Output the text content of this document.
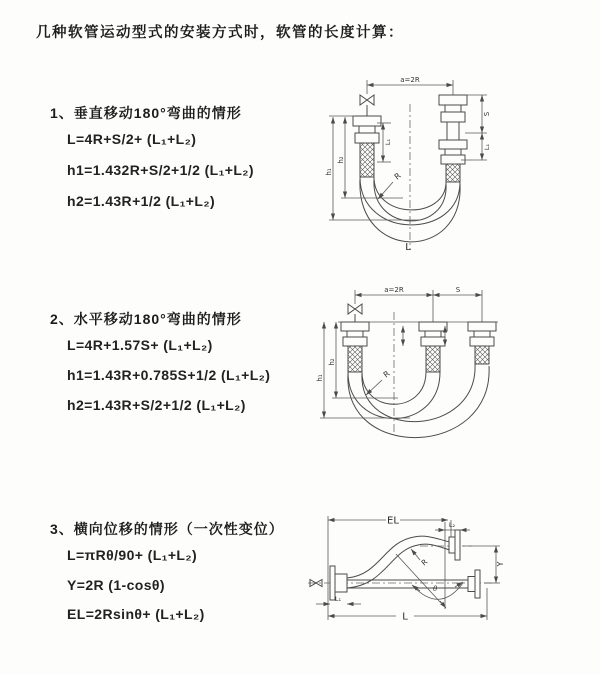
几种软管运动型式的安装方式时，软管的长度计算：
1、垂直移动180°弯曲的情形
L=4R+S/2+ (L₁+L₂)
h1=1.432R+S/2+1/2 (L₁+L₂)
h2=1.43R+1/2 (L₁+L₂)
2、水平移动180°弯曲的情形
L=4R+1.57S+ (L₁+L₂)
h1=1.43R+0.785S+1/2 (L₁+L₂)
h2=1.43R+S/2+1/2 (L₁+L₂)
3、横向位移的情形（一次性变位）
L=πRθ/90+ (L₁+L₂)
Y=2R (1-cosθ)
EL=2Rsinθ+ (L₁+L₂)
a=2R
h₁
h₂
L₁
S
L₁
R
L
a=2R	S
h₁
h₂
R
EL	L₂
θ
R	Y
L
L₁
